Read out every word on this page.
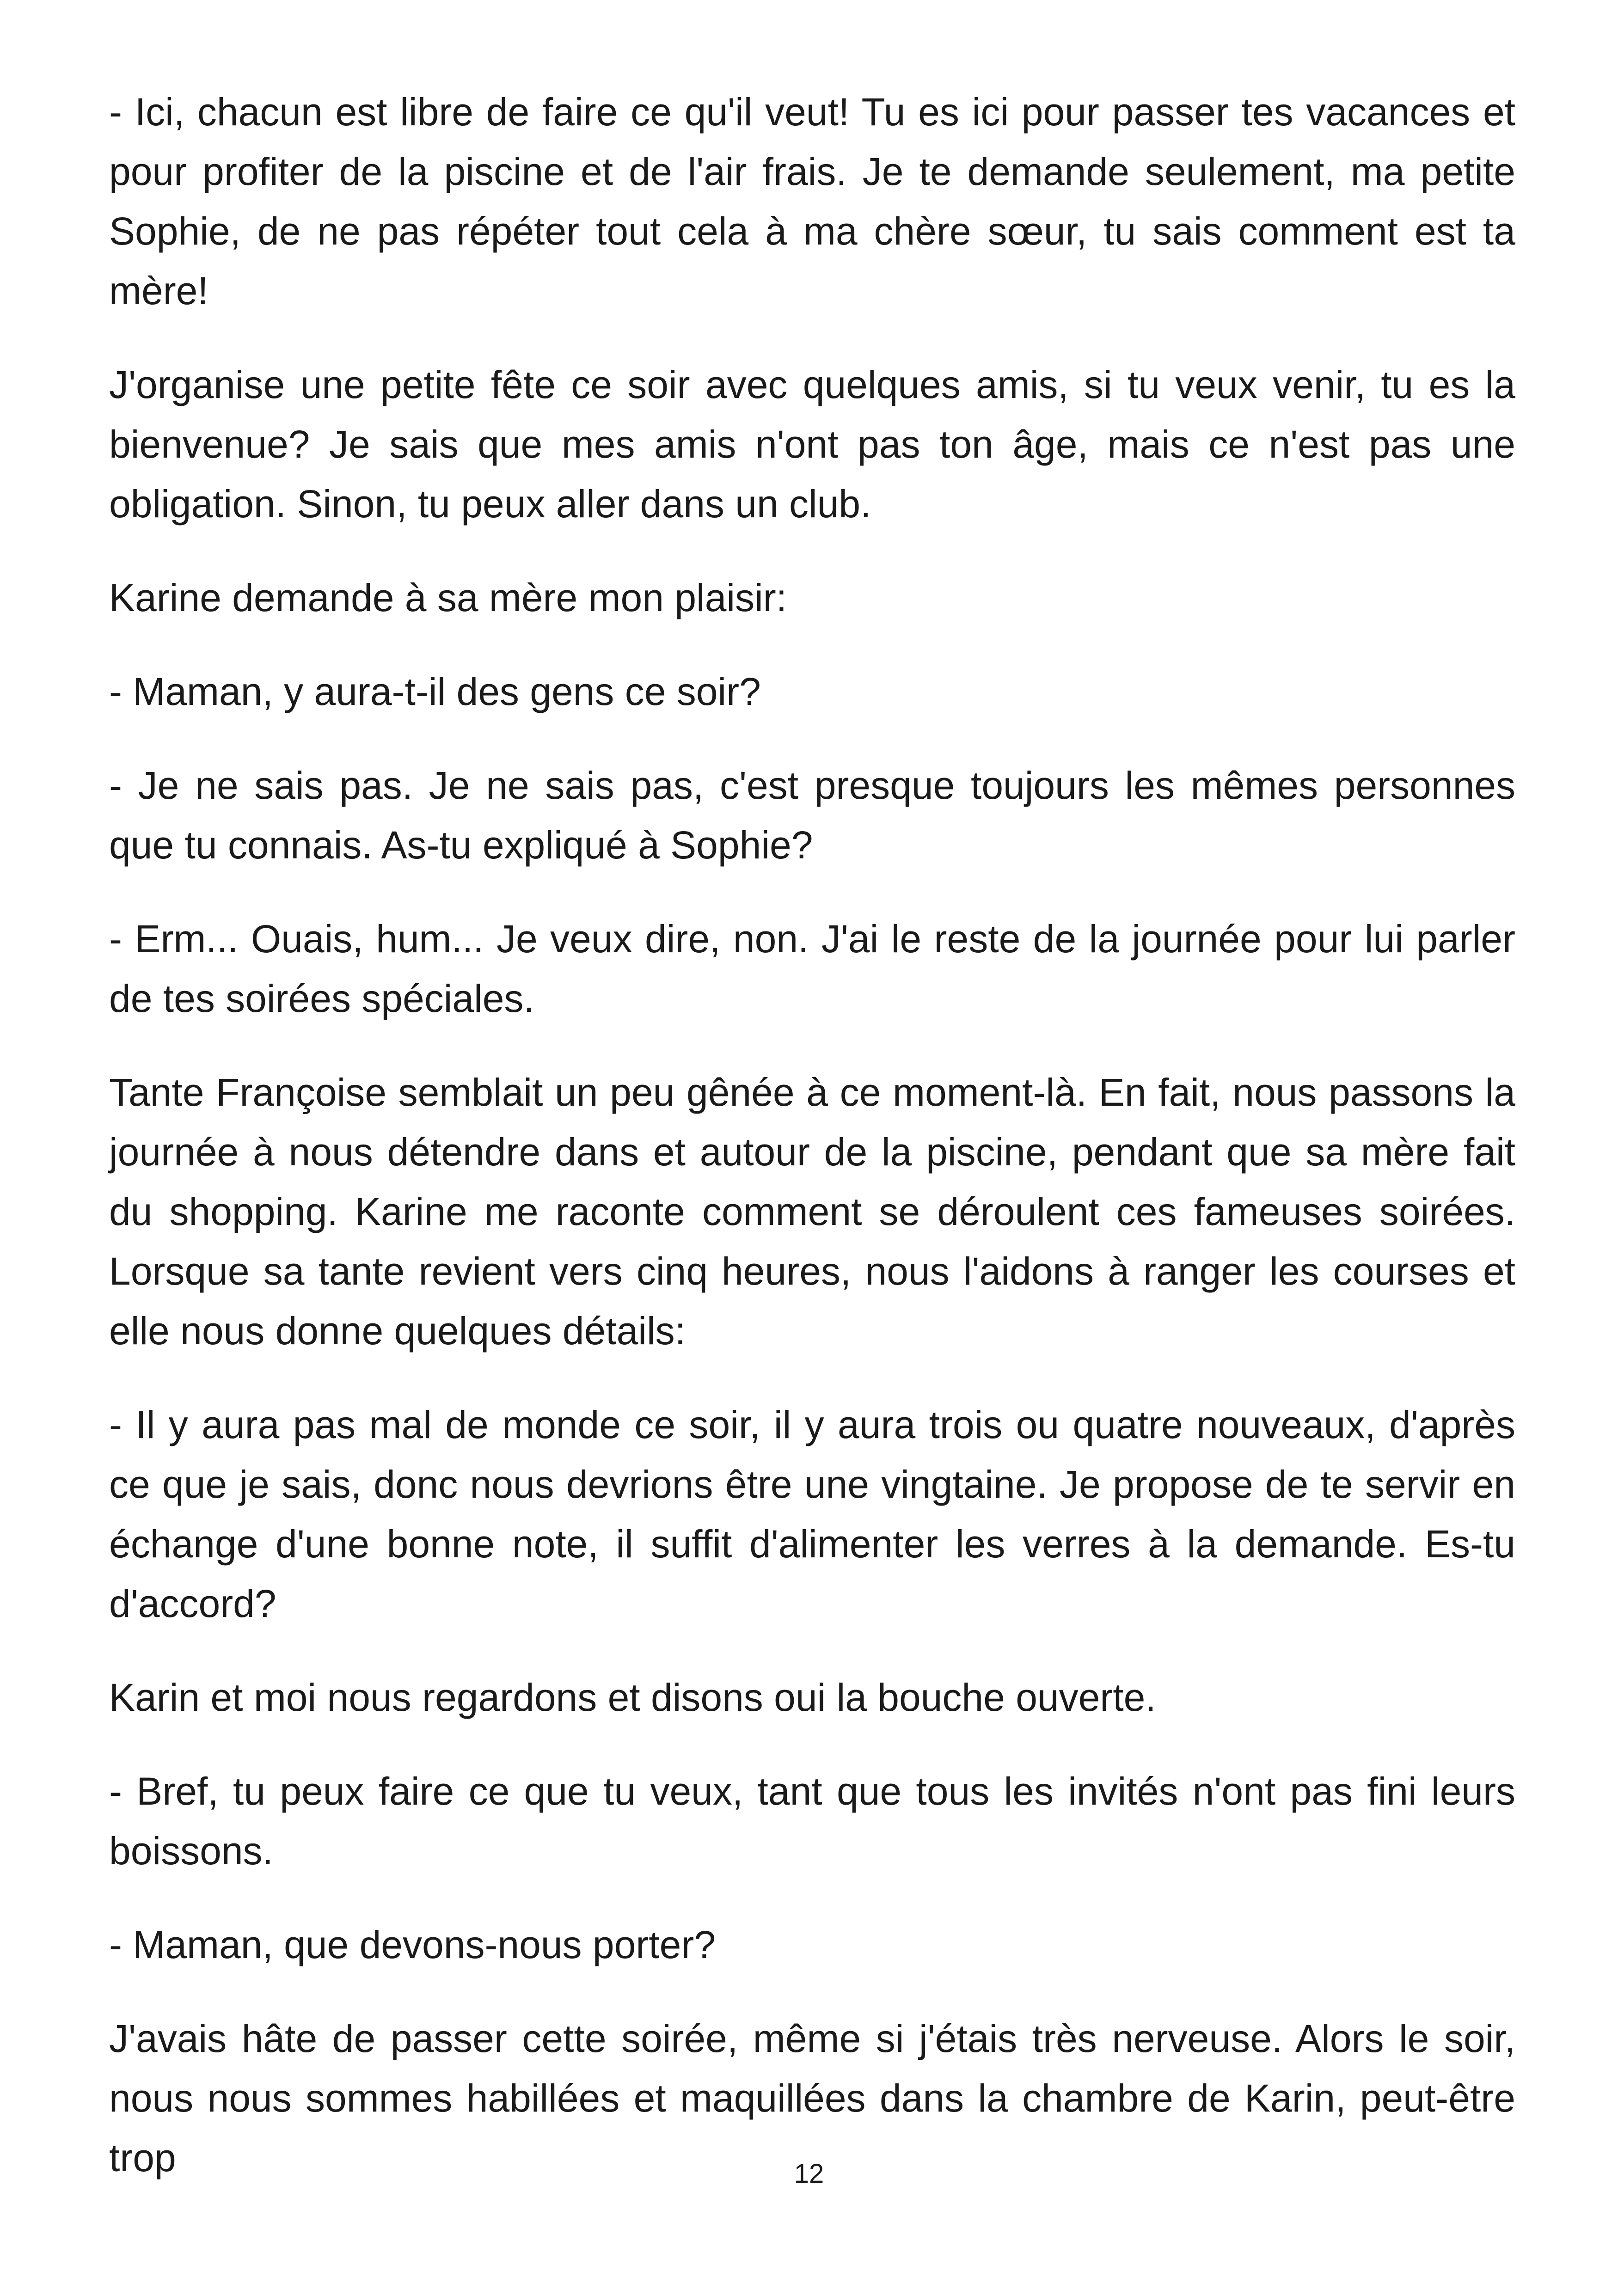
- Ici, chacun est libre de faire ce qu'il veut! Tu es ici pour passer tes vacances et pour profiter de la piscine et de l'air frais. Je te demande seulement, ma petite Sophie, de ne pas répéter tout cela à ma chère sœur, tu sais comment est ta mère!

J'organise une petite fête ce soir avec quelques amis, si tu veux venir, tu es la bienvenue? Je sais que mes amis n'ont pas ton âge, mais ce n'est pas une obligation. Sinon, tu peux aller dans un club.

Karine demande à sa mère mon plaisir:

- Maman, y aura-t-il des gens ce soir?

- Je ne sais pas. Je ne sais pas, c'est presque toujours les mêmes personnes que tu connais. As-tu expliqué à Sophie?

- Erm... Ouais, hum... Je veux dire, non. J'ai le reste de la journée pour lui parler de tes soirées spéciales.

Tante Françoise semblait un peu gênée à ce moment-là. En fait, nous passons la journée à nous détendre dans et autour de la piscine, pendant que sa mère fait du shopping. Karine me raconte comment se déroulent ces fameuses soirées. Lorsque sa tante revient vers cinq heures, nous l'aidons à ranger les courses et elle nous donne quelques détails:

- Il y aura pas mal de monde ce soir, il y aura trois ou quatre nouveaux, d'après ce que je sais, donc nous devrions être une vingtaine. Je propose de te servir en échange d'une bonne note, il suffit d'alimenter les verres à la demande. Es-tu d'accord?

Karin et moi nous regardons et disons oui la bouche ouverte.

- Bref, tu peux faire ce que tu veux, tant que tous les invités n'ont pas fini leurs boissons.

- Maman, que devons-nous porter?

J'avais hâte de passer cette soirée, même si j'étais très nerveuse. Alors le soir, nous nous sommes habillées et maquillées dans la chambre de Karin, peut-être trop	12
